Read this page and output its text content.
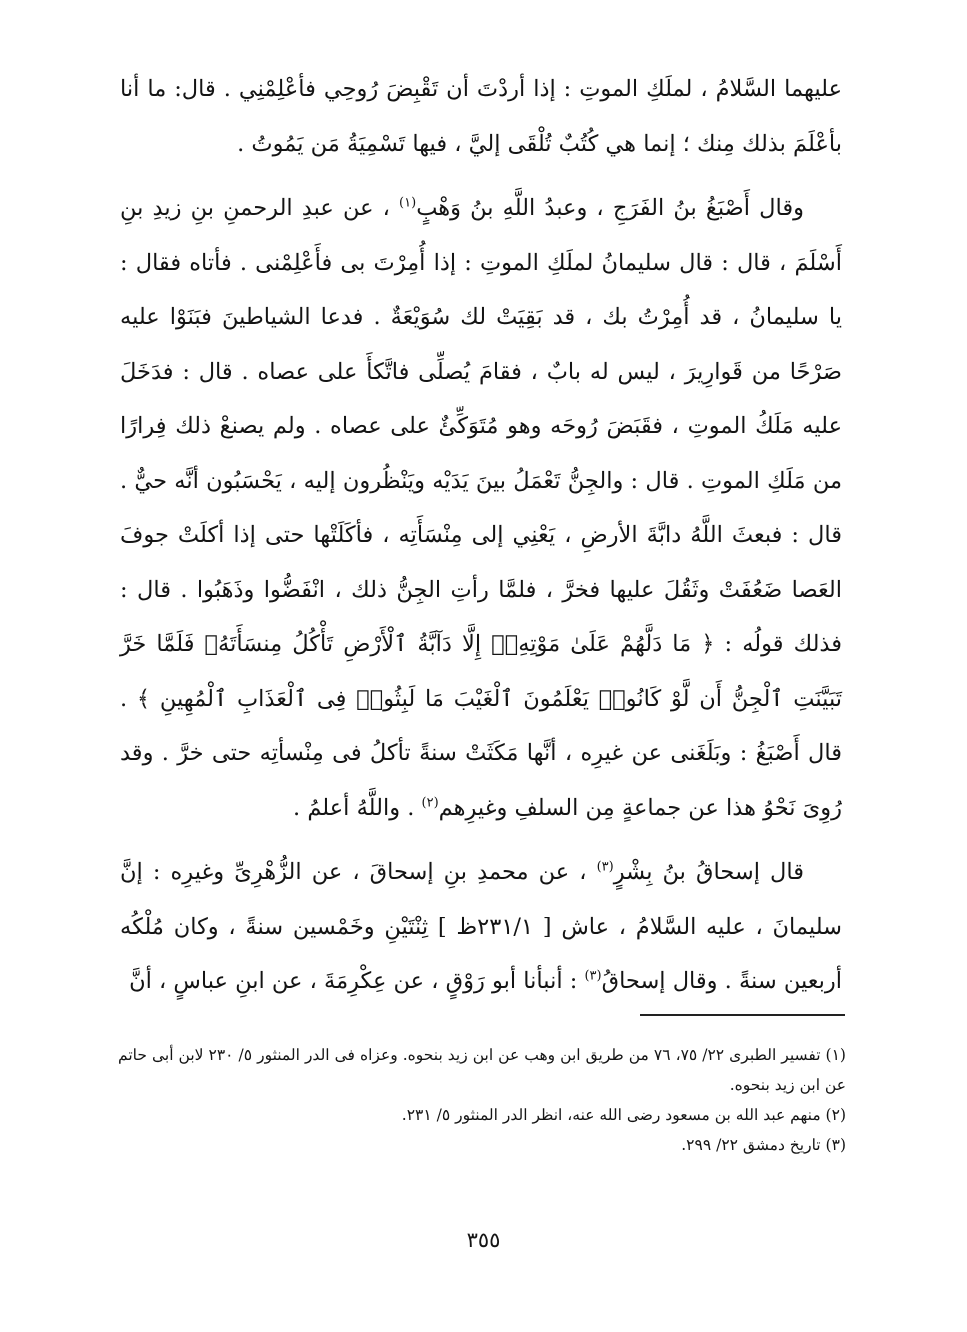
عليهما السَّلامُ ، لملَكِ الموتِ : إذا أردْتَ أن تَقْبِضَ رُوحِي فأعْلِمْنِي . قال: ما أنا بأعْلَمَ بذلك مِنك ؛ إنما هي كُتُبٌ تُلْقَى إليَّ ، فيها تَسْمِيَةُ مَن يَمُوتُ .

وقال أَصْبَغُ بنُ الفَرَجِ ، وعبدُ اللَّهِ بنُ وَهْبٍ$^{(١)}$ ، عن عبدِ الرحمنِ بنِ زيدِ بنِ أَسْلَمَ ، قال : قال سليمانُ لملَكِ الموتِ : إذا أُمِرْتَ بى فأَعْلِمْنى . فأتاه فقال : يا سليمانُ ، قد أُمِرْتُ بك ، قد بَقِيَتْ لك سُوَيْعَةٌ . فدعا الشياطينَ فبَنَوْا عليه صَرْحًا من قَوارِيرَ ، ليس له بابٌ ، فقامَ يُصلِّى فاتَّكأَ على عصاه . قال : فدَخَلَ عليه مَلَكُ الموتِ ، فقَبَضَ رُوحَه وهو مُتَوَكِّئٌ على عصاه . ولم يصنعْ ذلك فِرارًا من مَلَكِ الموتِ . قال : والجِنُّ تَعْمَلُ بينَ يَدَيْه ويَنْظُرون إليه ، يَحْسَبُون أنَّه حيٌّ . قال : فبعثَ اللَّهُ دابَّةَ الأرضِ ، يَعْنِي إلى مِنْسَأَتِه ، فأكَلَتْها حتى إذا أكلَتْ جوفَ العَصا ضَعُفَتْ وثَقُلَ عليها فخرَّ ، فلمَّا رأتِ الجِنُّ ذلك ، انْفَضُّوا وذَهَبُوا . قال : فذلك قولُه : ﴿ مَا دَلَّهُمْ عَلَىٰ مَوْتِهِۦٓ إِلَّا دَآبَّةُ ٱلْأَرْضِ تَأْكُلُ مِنسَأَتَهُۥ فَلَمَّا خَرَّ تَبَيَّنَتِ ٱلْجِنُّ أَن لَّوْ كَانُوا۟ يَعْلَمُونَ ٱلْغَيْبَ مَا لَبِثُوا۟ فِى ٱلْعَذَابِ ٱلْمُهِينِ ﴾ . قال أَصْبَغُ : وبَلَغَنى عن غيرِه ، أنَّها مَكَثَتْ سنةً تأكلُ فى مِنْسأتِه حتى خرَّ . وقد رُوِىَ نَحْوُ هذا عن جماعةٍ مِن السلفِ وغيرِهم$^{(٢)}$ . واللَّهُ أعلمُ .

قال إسحاقُ بنُ بِشْرٍ$^{(٣)}$ ، عن محمدِ بنِ إسحاقَ ، عن الزُّهْرِىِّ وغيرِه : إنَّ سليمانَ ، عليه السَّلامُ ، عاش [ ٢٣١/١ظ ] ثِنْتَيْنِ وخَمْسين سنةً ، وكان مُلْكُه أربعين سنةً . وقال إسحاقُ$^{(٣)}$ : أنبأنا أبو رَوْقٍ ، عن عِكْرِمَةَ ، عن ابنِ عباسٍ ، أنَّ

(١) تفسير الطبرى ٢٢/ ٧٥، ٧٦ من طريق ابن وهب عن ابن زيد بنحوه. وعزاه فى الدر المنثور ٥/ ٢٣٠ لابن أبى حاتم عن ابن زيد بنحوه.

(٢) منهم عبد الله بن مسعود رضى الله عنه، انظر الدر المنثور ٥/ ٢٣١.

(٣) تاريخ دمشق ٢٢/ ٢٩٩.

٣٥٥
